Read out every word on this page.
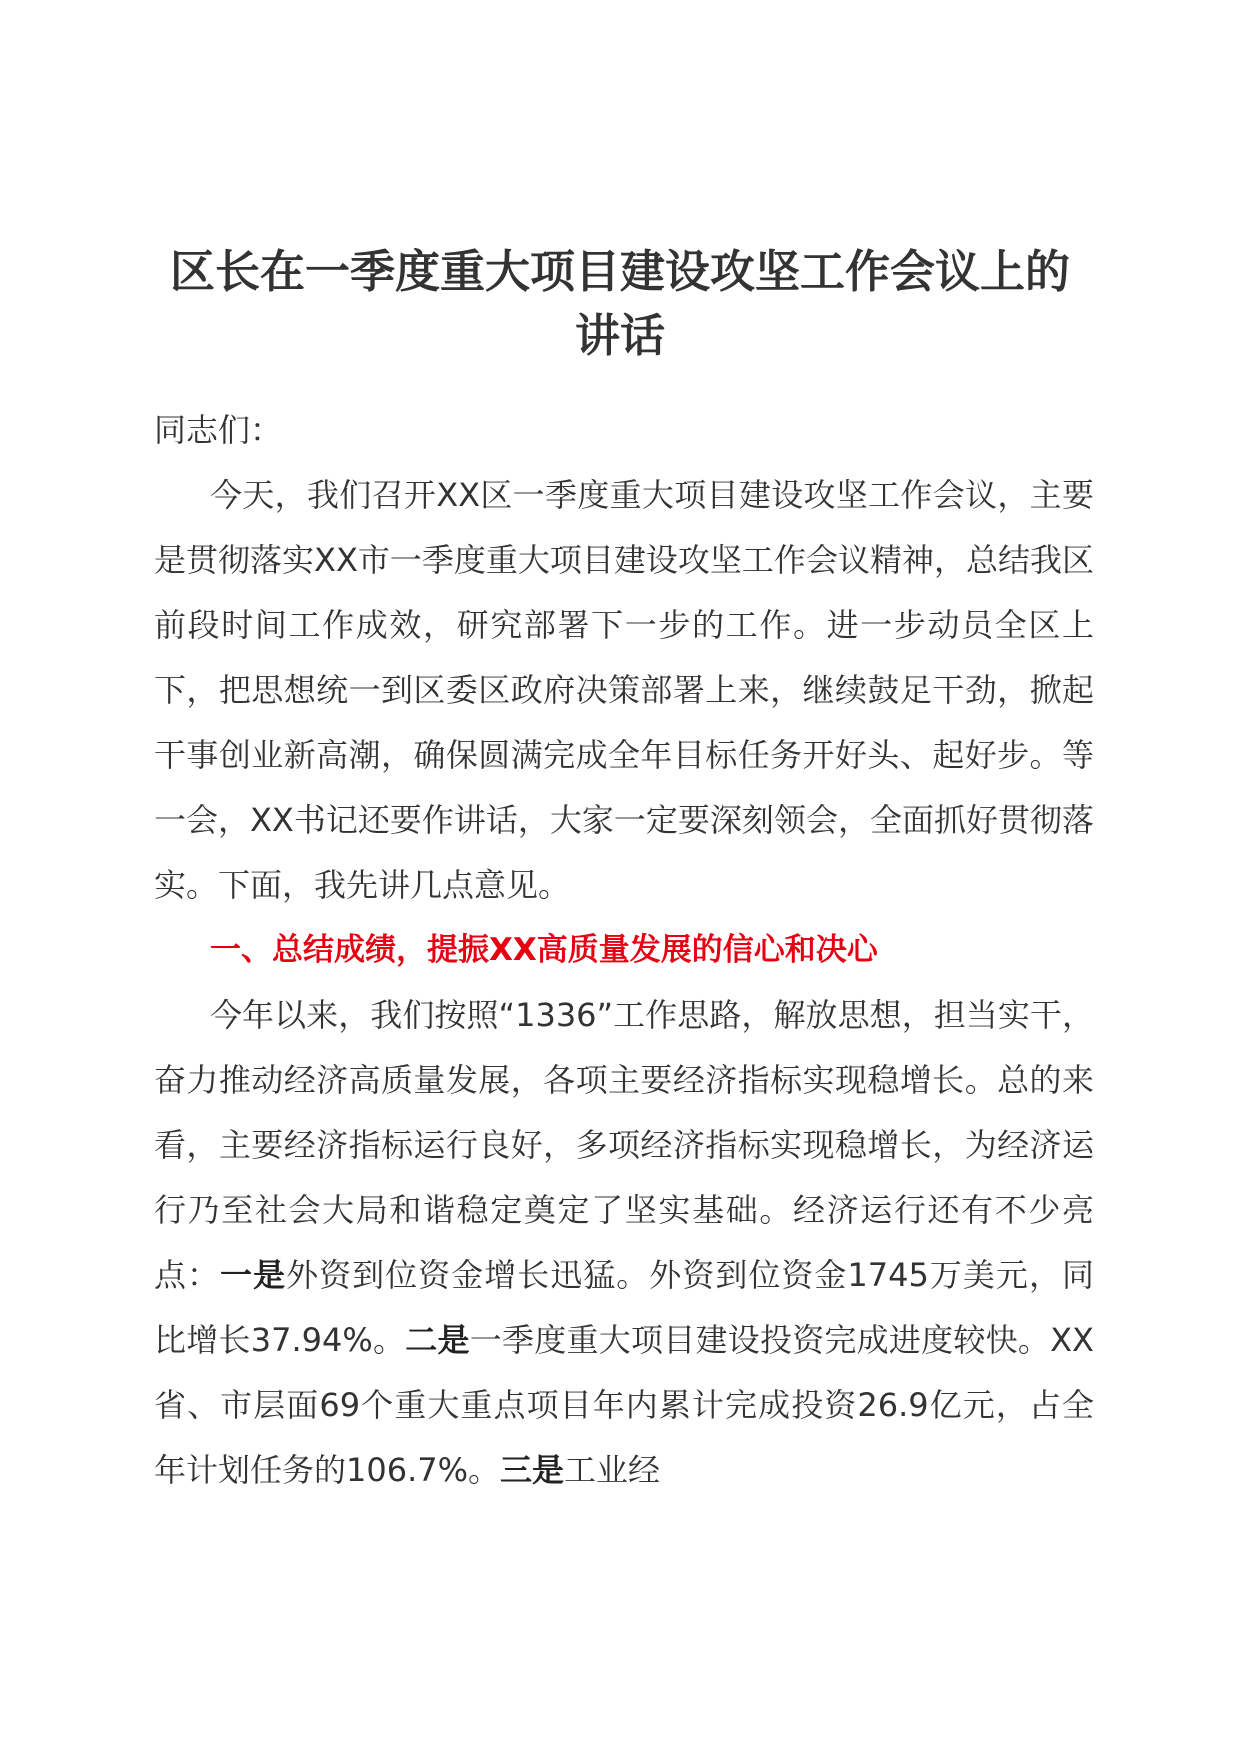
区长在一季度重大项目建设攻坚工作会议上的
讲话

同志们：

今天，我们召开XX区一季度重大项目建设攻坚工作会议，主要是贯彻落实XX市一季度重大项目建设攻坚工作会议精神，总结我区前段时间工作成效，研究部署下一步的工作。进一步动员全区上下，把思想统一到区委区政府决策部署上来，继续鼓足干劲，掀起干事创业新高潮，确保圆满完成全年目标任务开好头、起好步。等一会，XX书记还要作讲话，大家一定要深刻领会，全面抓好贯彻落实。下面，我先讲几点意见。

一、总结成绩，提振XX高质量发展的信心和决心

今年以来，我们按照“1336”工作思路，解放思想，担当实干，奋力推动经济高质量发展，各项主要经济指标实现稳增长。总的来看，主要经济指标运行良好，多项经济指标实现稳增长，为经济运行乃至社会大局和谐稳定奠定了坚实基础。经济运行还有不少亮点：一是外资到位资金增长迅猛。外资到位资金1745万美元，同比增长37.94%。二是一季度重大项目建设投资完成进度较快。XX省、市层面69个重大重点项目年内累计完成投资26.9亿元，占全年计划任务的106.7%。三是工业经
